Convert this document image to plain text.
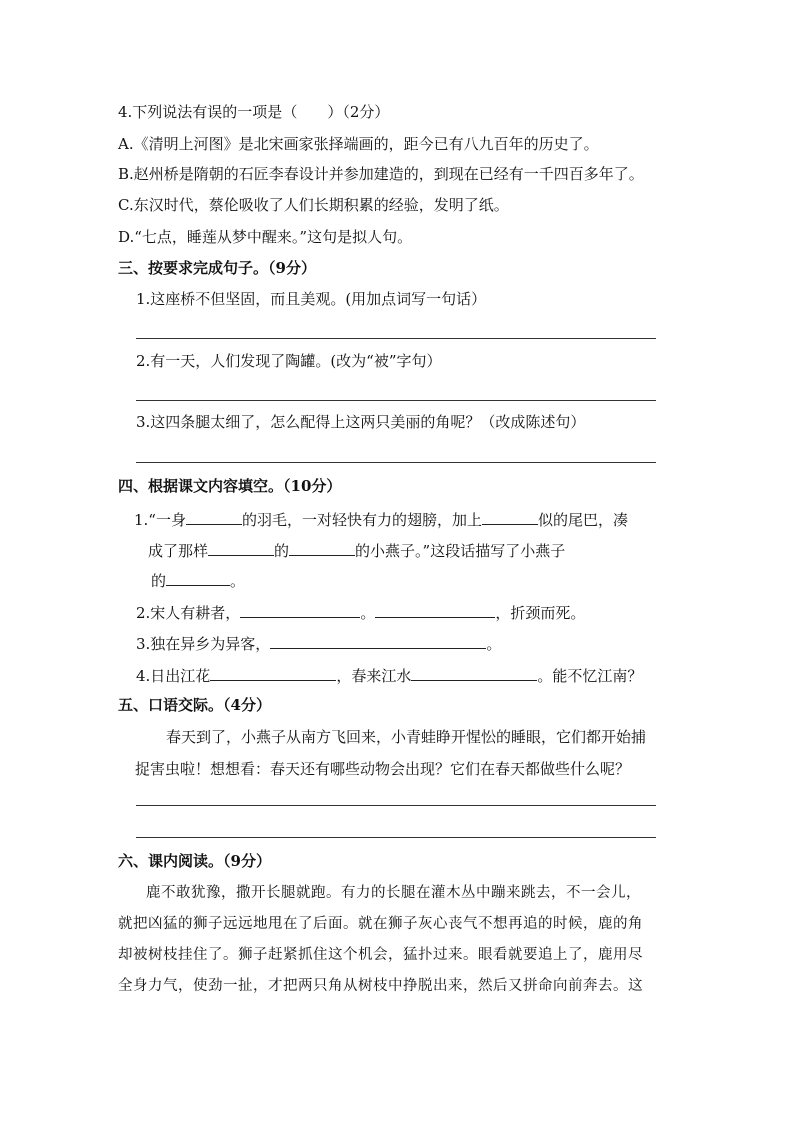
4.下列说法有误的一项是（　　）（2分）
A.《清明上河图》是北宋画家张择端画的，距今已有八九百年的历史了。
B.赵州桥是隋朝的石匠李春设计并参加建造的，到现在已经有一千四百多年了。
C.东汉时代，蔡伦吸收了人们长期积累的经验，发明了纸。
D.“七点，睡莲从梦中醒来。”这句是拟人句。
三、按要求完成句子。（9分）
1.这座桥不但坚固，而且美观。(用加点词写一句话）
2.有一天，人们发现了陶罐。(改为“被”字句）
3.这四条腿太细了，怎么配得上这两只美丽的角呢？（改成陈述句）
四、根据课文内容填空。（10分）
1.“一身	的羽毛，一对轻快有力的翅膀，加上	似的尾巴，凑
成了那样	的	的小燕子。”这段话描写了小燕子
的	。
2.宋人有耕者，	。	，折颈而死。
3.独在异乡为异客，	。
4.日出江花	，春来江水	。能不忆江南？
五、口语交际。（4分）
春天到了，小燕子从南方飞回来，小青蛙睁开惺忪的睡眼，它们都开始捕
捉害虫啦！想想看：春天还有哪些动物会出现？它们在春天都做些什么呢？
六、课内阅读。（9分）
鹿不敢犹豫，撒开长腿就跑。有力的长腿在灌木丛中蹦来跳去，不一会儿，
就把凶猛的狮子远远地甩在了后面。就在狮子灰心丧气不想再追的时候，鹿的角
却被树枝挂住了。狮子赶紧抓住这个机会，猛扑过来。眼看就要追上了，鹿用尽
全身力气，使劲一扯，才把两只角从树枝中挣脱出来，然后又拼命向前奔去。这
